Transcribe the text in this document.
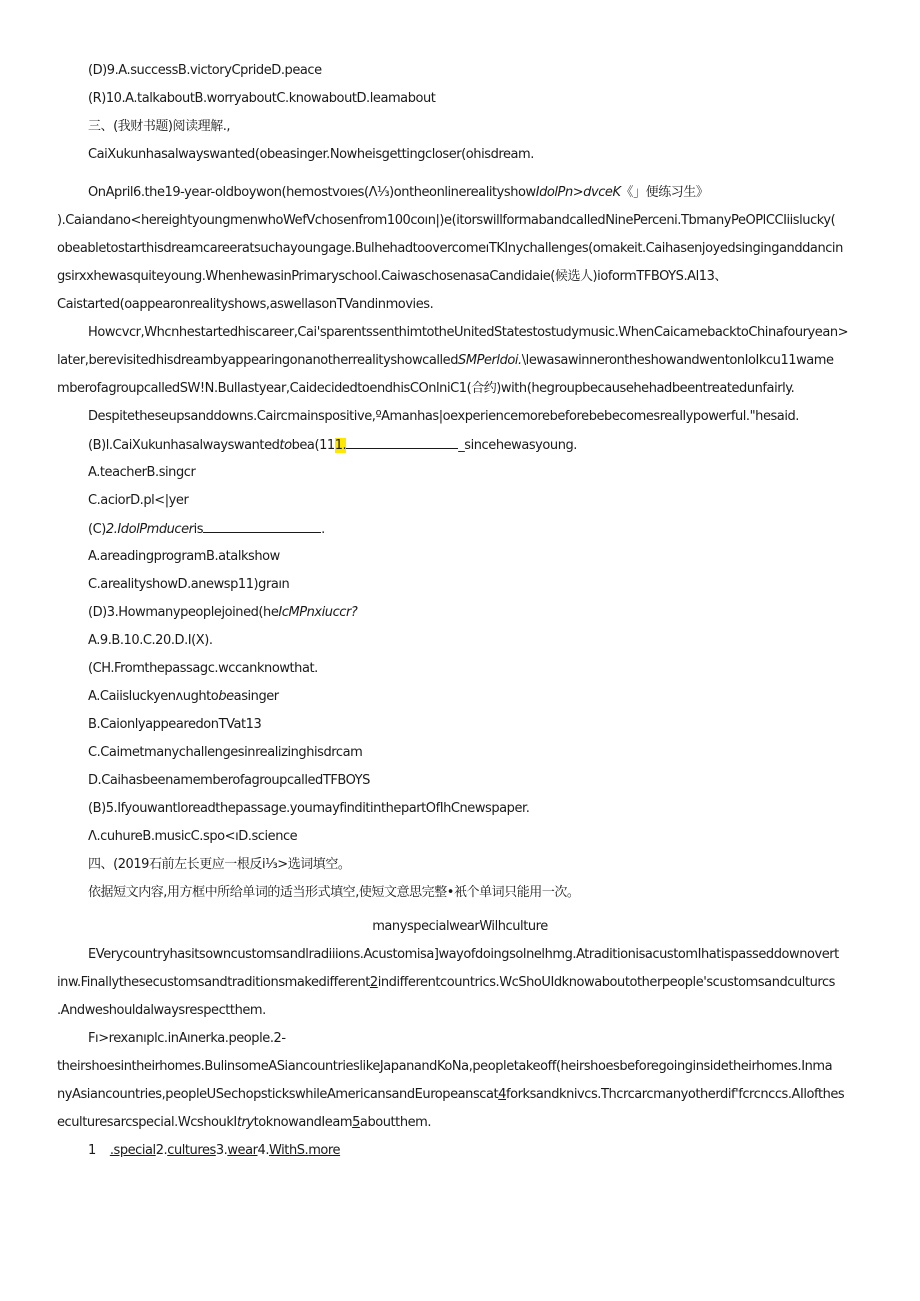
(D)9.A.successB.victoryCprideD.peace
(R)10.A.talkaboutB.worryaboutC.knowaboutD.leamabout
三、(我财书题)阅读理解.,
CaiXukunhasalwayswanted(obeasinger.Nowheisgettingcloser(ohisdream.
OnApril6.the19-year-oldboywon(hemostvoıes(Λ⅓)ontheonlinerealityshowIdolPn>dvceK《」便练习生》
).Caiandano<hereightyoungmenwhoWefVchosenfrom100coın|)e(itorswillformabandcalledNinePerceni.TbmanyPeOPlCCIiislucky(
obeabletostarthisdreamcareeratsuchayoungage.BulhehadtoovercomeıTKInychallenges(omakeit.Caihasenjoyedsinginganddancin
gsirxxhewasquiteyoung.WhenhewasinPrimaryschool.CaiwaschosenasaCandidaie(候选人)ioformTFBOYS.Al13、
Caistarted(oappearonrealityshows,aswellasonTVandinmovies.
Howcvcr,Whcnhestartedhiscareer,Cai'sparentssenthimtotheUnitedStatestostudymusic.WhenCaicamebacktoChinafouryean>
later,berevisitedhisdreambyappearingonanotherrealityshowcalledSMPerldoi.\lewasawinnerontheshowandwentonIoIkcu11wame
mberofagroupcalledSW!N.Bullastyear,CaidecidedtoendhisCOnlniC1(合约)with(hegroupbecausehehadbeentreatedunfairly.
Despitetheseupsanddowns.Caircmainspositive,ºАmanhas|oexperiencemorebeforebebecomesreallypowerful."hesaid.
(B)l.CaiXukunhasalwayswantedtobea(111.	_sincehewasyoung.
A.teacherB.singcr
C.aciorD.pl<|yer
(C)2.IdolPmduceris	.
A.areadingprogramB.atalkshow
C.arealityshowD.anewsp11)graın
(D)3.Howmanypeoplejoined(heIcMPnxiuccr?
A.9.B.10.C.20.D.I(X).
(CH.Fromthepassagc.wccanknowthat.
A.Caiisluckyenʌughtobeasinger
B.CaionlyappearedonTVat13
C.Caimetmanychallengesinrealizinghisdrcam
D.CaihasbeenamemberofagroupcalledTFBOYS
(B)5.Ifyouwantloreadthepassage.youmayfinditinthepartOfIhCnewspaper.
Λ.cuhureB.musicC.spo<ıD.science
四、(2019石前左长更应一根反i⅓>选词填空。
依据短文内容,用方框中所给单词的适当形式填空,使短文意思完整•衹个单词只能用一次。
manyspecialwearWilhculture
EVerycountryhasitsowncustomsandlradiiions.Acustomisa]wayofdoingsolnelhmg.AtraditionisacustomIhatispasseddownovert
inw.Finallythesecustomsandtraditionsmakedifferent2indifferentcountrics.WcShoUIdknowaboutotherpeople'scustomsandculturcs
.Andweshouldalwaysrespectthem.
Fı>rexanıplc.inAınerka.people.2-
theirshoesintheirhomes.BulinsomeASiancountrieslikeJapanandKoNa,peopletakeoff(heirshoesbeforegoinginsidetheirhomes.Inma
nyAsiancountries,peopleUSechopstickswhileAmericansandEuropeanscat4forksandknivcs.Thcrcarcmanyotherdif'fcrcnccs.AIlofthes
eculturesarcspecial.WcshoukItrytoknowandIeam5aboutthem.
1 .special2.cultures3.wear4.WithS.more
